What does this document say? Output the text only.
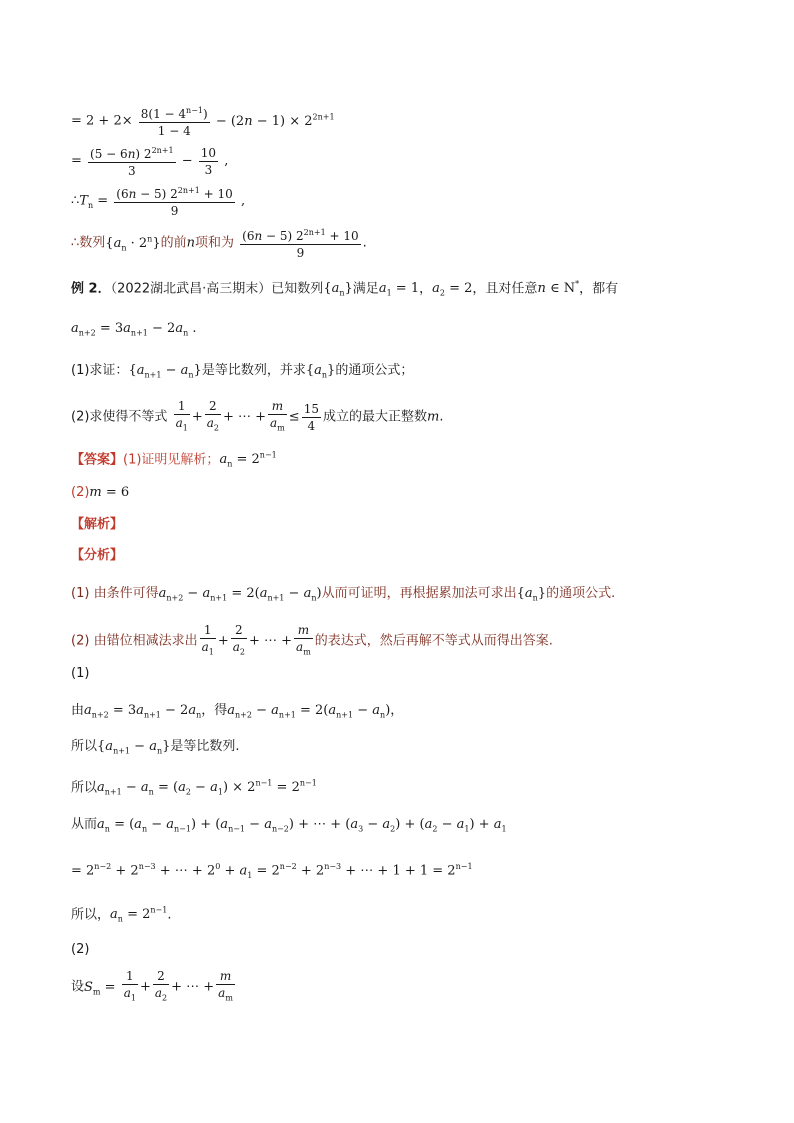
= $2 + 2\times \frac{8(1 - 4^{n-1})}{1 - 4} - (2n - 1) \times 2^{2n+1}$
= $\frac{(5 - 6n) 2^{2n+1}}{3} - \frac{10}{3}$ ,
$\therefore T_n = \frac{(6n - 5) 2^{2n+1} + 10}{9}$ ,
∴数列$\{a_n \cdot 2^n\}$的前n项和为 $\frac{(6n - 5) 2^{2n+1} + 10}{9}$ .
例 2．（2022湖北武昌·高三期末）已知数列$\{a_n\}$满足$a_1 = 1$，$a_2 = 2$，且对任意n ∈ N*，都有
$a_{n+2} = 3a_{n+1} - 2a_n$ .
(1)求证：$\{a_{n+1} - a_n\}$是等比数列，并求$\{a_n\}$的通项公式；
(2)求使得不等式 $\frac{1}{a_1} + \frac{2}{a_2}$ + ⋯ + $\frac{m}{a_m} \le \frac{15}{4}$ 成立的最大正整数m.
【答案】(1)证明见解析；$a_n = 2^{n-1}$
(2)m = 6
【解析】
【分析】
(1) 由条件可得$a_{n+2} - a_{n+1} = 2(a_{n+1} - a_n)$从而可证明，再根据累加法可求出$\{a_n\}$的通项公式.
(2) 由错位相减法求出 $\frac{1}{a_1} + \frac{2}{a_2}$ + ⋯ + $\frac{m}{a_m}$ 的表达式，然后再解不等式从而得出答案.
(1)
由$a_{n+2} = 3a_{n+1} - 2a_n$，得$a_{n+2} - a_{n+1} = 2(a_{n+1} - a_n)$，
所以$\{a_{n+1} - a_n\}$是等比数列.
所以$a_{n+1} - a_n = (a_2 - a_1) \times 2^{n-1} = 2^{n-1}$
从而$a_n = (a_n - a_{n-1}) + (a_{n-1} - a_{n-2})$ + ⋯ + $(a_3 - a_2) + (a_2 - a_1) + a_1$
= $2^{n-2} + 2^{n-3}$ + ⋯ + $2^0 + a_1 = 2^{n-2} + 2^{n-3}$ + ⋯ + $1 + 1 = 2^{n-1}$
所以，$a_n = 2^{n-1}$.
(2)
设$S_m = \frac{1}{a_1} + \frac{2}{a_2}$ + ⋯ + $\frac{m}{a_m}$
